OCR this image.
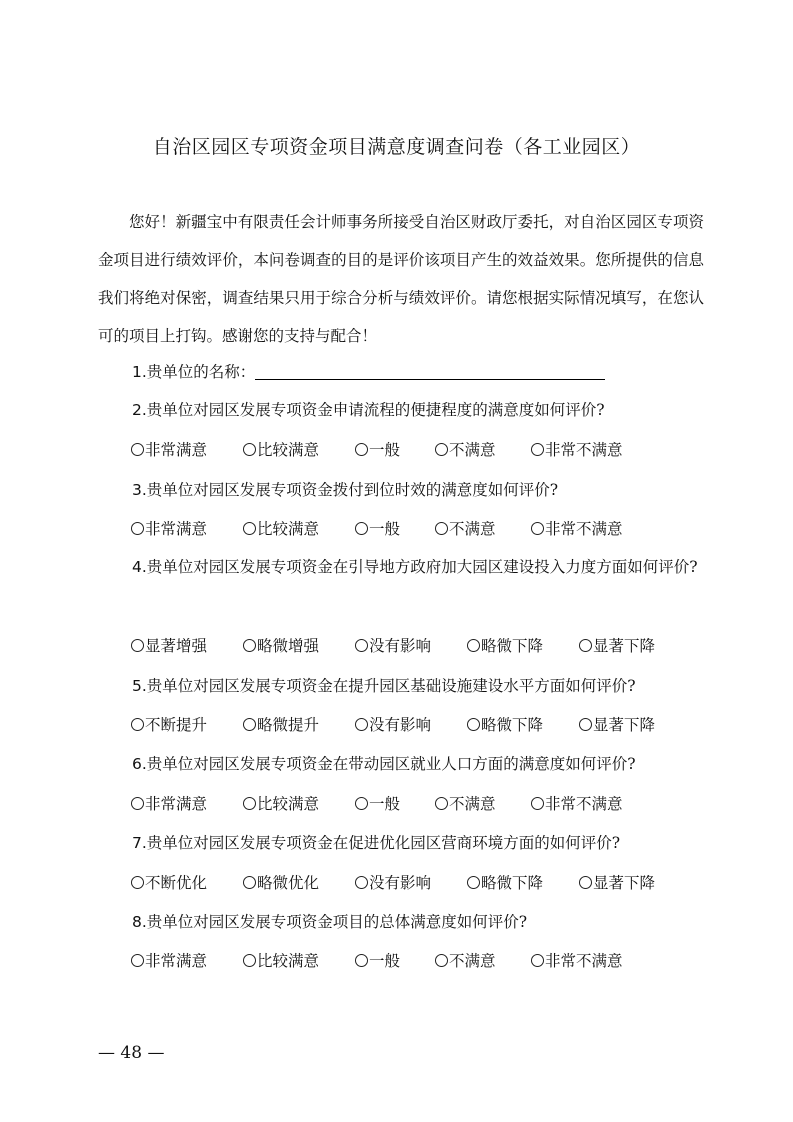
自治区园区专项资金项目满意度调查问卷（各工业园区）
您好！新疆宝中有限责任会计师事务所接受自治区财政厅委托，对自治区园区专项资金项目进行绩效评价，本问卷调查的目的是评价该项目产生的效益效果。您所提供的信息我们将绝对保密，调查结果只用于综合分析与绩效评价。请您根据实际情况填写，在您认可的项目上打钩。感谢您的支持与配合！
1.贵单位的名称：
2.贵单位对园区发展专项资金申请流程的便捷程度的满意度如何评价?
非常满意	比较满意	一般	不满意	非常不满意
3.贵单位对园区发展专项资金拨付到位时效的满意度如何评价?
非常满意	比较满意	一般	不满意	非常不满意
4.贵单位对园区发展专项资金在引导地方政府加大园区建设投入力度方面如何评价?
显著增强	略微增强	没有影响	略微下降	显著下降
5.贵单位对园区发展专项资金在提升园区基础设施建设水平方面如何评价?
不断提升	略微提升	没有影响	略微下降	显著下降
6.贵单位对园区发展专项资金在带动园区就业人口方面的满意度如何评价?
非常满意	比较满意	一般	不满意	非常不满意
7.贵单位对园区发展专项资金在促进优化园区营商环境方面的如何评价?
不断优化	略微优化	没有影响	略微下降	显著下降
8.贵单位对园区发展专项资金项目的总体满意度如何评价?
非常满意	比较满意	一般	不满意	非常不满意
— 48 —
